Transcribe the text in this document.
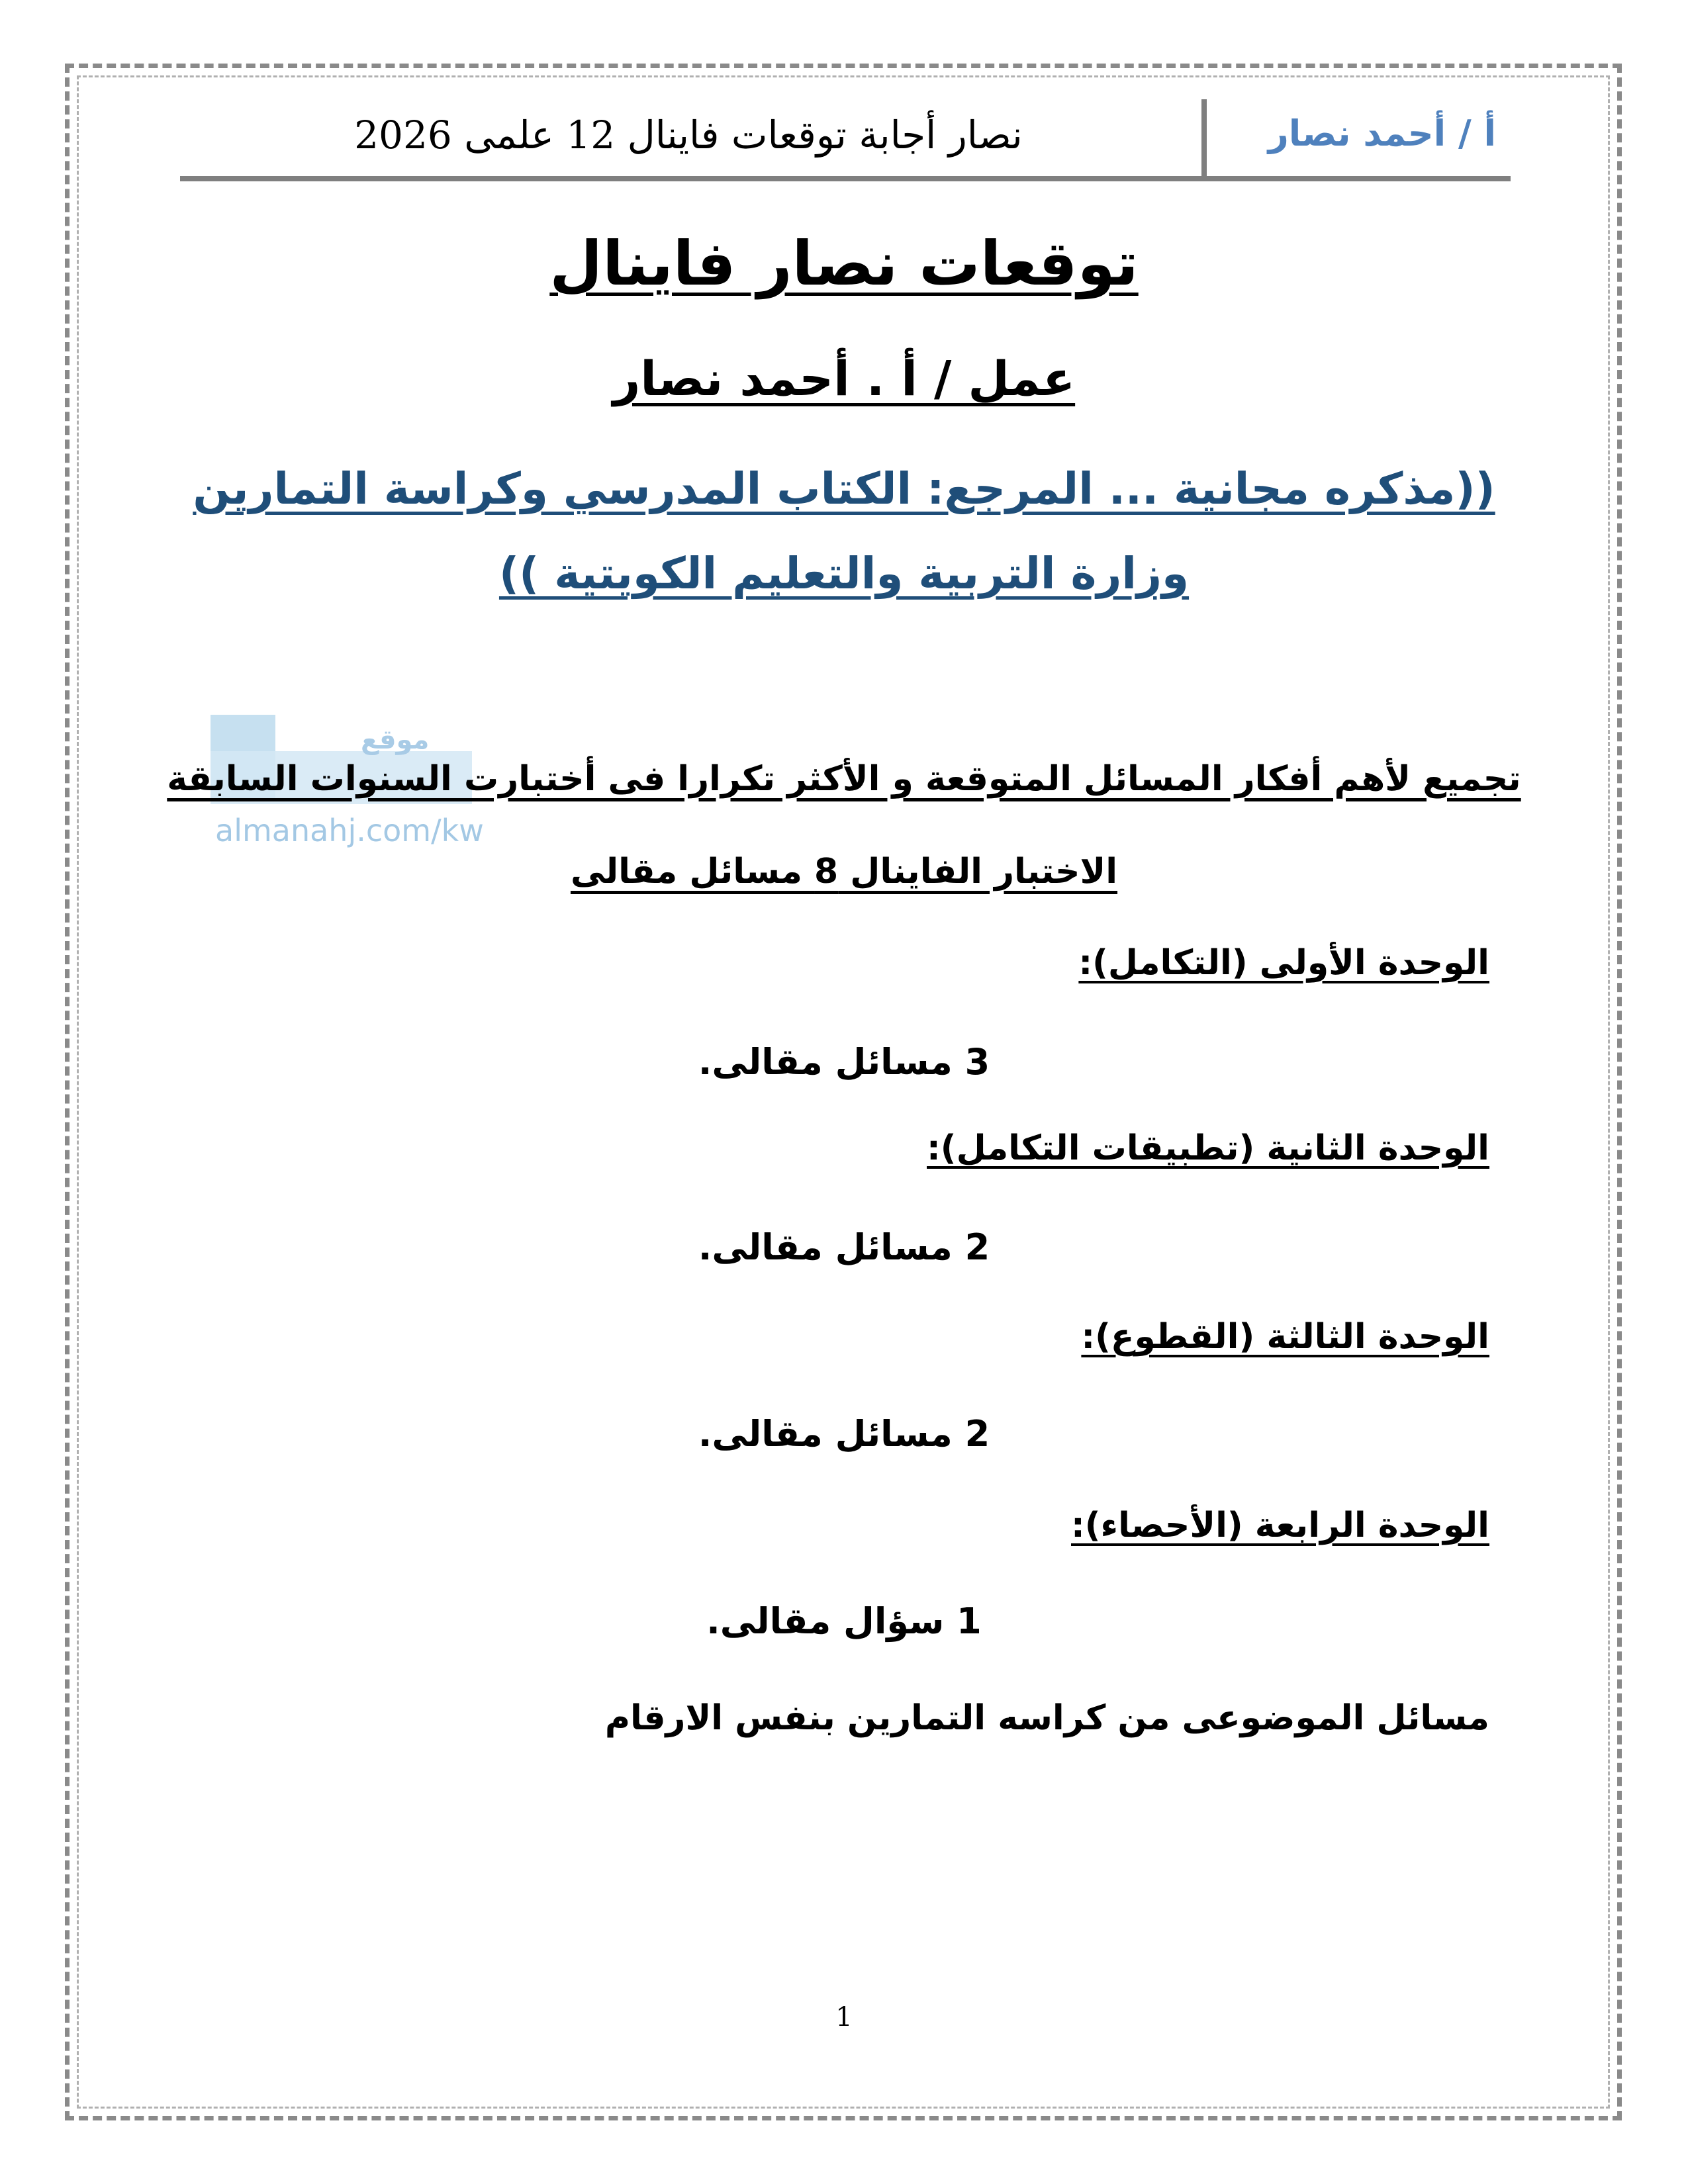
أ / أحمد نصار
نصار أجابة توقعات فاينال 12 علمى 2026
توقعات نصار فاينال
عمل / أ . أحمد نصار
((مذكره مجانية ... المرجع: الكتاب المدرسي وكراسة التمارين
وزارة التربية والتعليم الكويتية ))
موقع
almanahj.com/kw
تجميع لأهم أفكار المسائل المتوقعة و الأكثر تكرارا فى أختبارت السنوات السابقة
الاختبار الفاينال 8 مسائل مقالى
الوحدة الأولى (التكامل):
3 مسائل مقالى.
الوحدة الثانية (تطبيقات التكامل):
2 مسائل مقالى.
الوحدة الثالثة (القطوع):
2 مسائل مقالى.
الوحدة الرابعة (الأحصاء):
1 سؤال مقالى.
مسائل الموضوعى من كراسه التمارين بنفس الارقام
1
